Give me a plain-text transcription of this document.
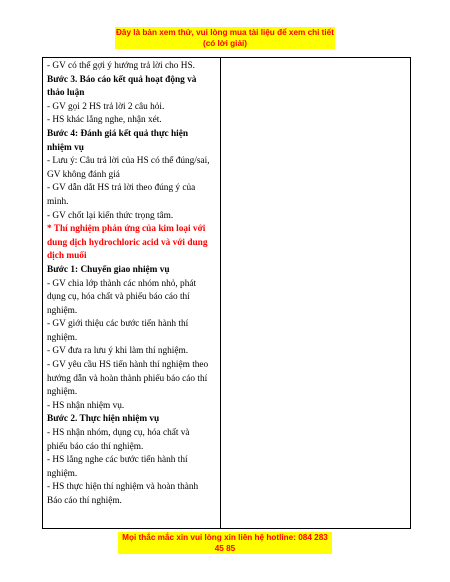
Đây là bản xem thử, vui lòng mua tài liệu để xem chi tiết (có lời giải)

- GV có thể gợi ý hướng trả lời cho HS.

Bước 3. Báo cáo kết quả hoạt động và

thảo luận

- GV gọi 2 HS trả lời 2 câu hỏi.

- HS khác lắng nghe, nhận xét.

Bước 4: Đánh giá kết quả thực hiện

nhiệm vụ

- Lưu ý: Câu trả lời của HS có thể đúng/sai,

GV không đánh giá

- GV dẫn dắt HS trả lời theo đúng ý của

mình.

- GV chốt lại kiến thức trọng tâm.

* Thí nghiệm phản ứng của kim loại với

dung dịch hydrochloric acid và với dung

dịch muối

Bước 1: Chuyển giao nhiệm vụ

- GV chia lớp thành các nhóm nhỏ, phát

dụng cụ, hóa chất và phiếu báo cáo thí

nghiệm.

- GV giới thiệu các bước tiến hành thí

nghiệm.

- GV đưa ra lưu ý khi làm thí nghiệm.

- GV yêu cầu HS tiến hành thí nghiệm theo

hướng dẫn và hoàn thành phiếu báo cáo thí

nghiệm.

- HS nhận nhiệm vụ.

Bước 2. Thực hiện nhiệm vụ

- HS nhận nhóm, dụng cụ, hóa chất và

phiếu báo cáo thí nghiệm.

- HS lắng nghe các bước tiến hành thí

nghiệm.

- HS thực hiện thí nghiệm và hoàn thành

Báo cáo thí nghiệm.

Mọi thắc mắc xin vui lòng xin liên hệ hotline: 084 283 45 85
